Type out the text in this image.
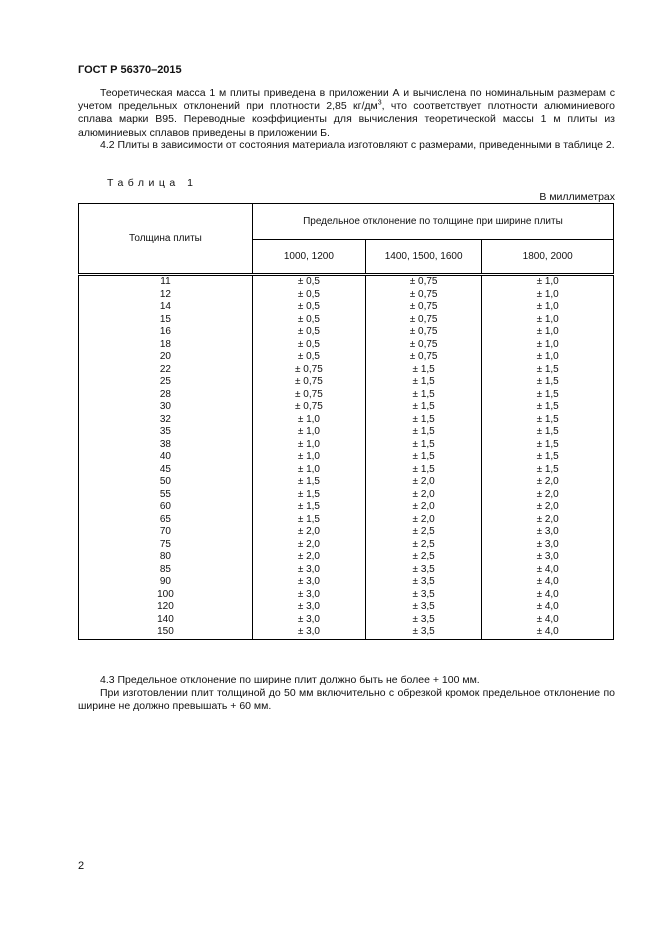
ГОСТ Р 56370–2015
Теоретическая масса 1 м плиты приведена в приложении А и вычислена по номинальным размерам с учетом предельных отклонений при плотности 2,85 $кг/дм^3$, что соответствует плотности алюминиевого сплава марки В95. Переводные коэффициенты для вычисления теоретической массы 1 м плиты из алюминиевых сплавов приведены в приложении Б.
4.2 Плиты в зависимости от состояния материала изготовляют с размерами, приведенными в таблице 2.
Таблица 1
В миллиметрах
Толщина плиты	Предельное отклонение по толщине при ширине плиты		
	1000, 1200	1400, 1500, 1600	1800, 2000
11	± 0,5	± 0,75	± 1,0
12	± 0,5	± 0,75	± 1,0
14	± 0,5	± 0,75	± 1,0
15	± 0,5	± 0,75	± 1,0
16	± 0,5	± 0,75	± 1,0
18	± 0,5	± 0,75	± 1,0
20	± 0,5	± 0,75	± 1,0
22	± 0,75	± 1,5	± 1,5
25	± 0,75	± 1,5	± 1,5
28	± 0,75	± 1,5	± 1,5
30	± 0,75	± 1,5	± 1,5
32	± 1,0	± 1,5	± 1,5
35	± 1,0	± 1,5	± 1,5
38	± 1,0	± 1,5	± 1,5
40	± 1,0	± 1,5	± 1,5
45	± 1,0	± 1,5	± 1,5
50	± 1,5	± 2,0	± 2,0
55	± 1,5	± 2,0	± 2,0
60	± 1,5	± 2,0	± 2,0
65	± 1,5	± 2,0	± 2,0
70	± 2,0	± 2,5	± 3,0
75	± 2,0	± 2,5	± 3,0
80	± 2,0	± 2,5	± 3,0
85	± 3,0	± 3,5	± 4,0
90	± 3,0	± 3,5	± 4,0
100	± 3,0	± 3,5	± 4,0
120	± 3,0	± 3,5	± 4,0
140	± 3,0	± 3,5	± 4,0
150	± 3,0	± 3,5	± 4,0
4.3 Предельное отклонение по ширине плит должно быть не более + 100 мм.
При изготовлении плит толщиной до 50 мм включительно с обрезкой кромок предельное отклонение по ширине не должно превышать + 60 мм.
2
